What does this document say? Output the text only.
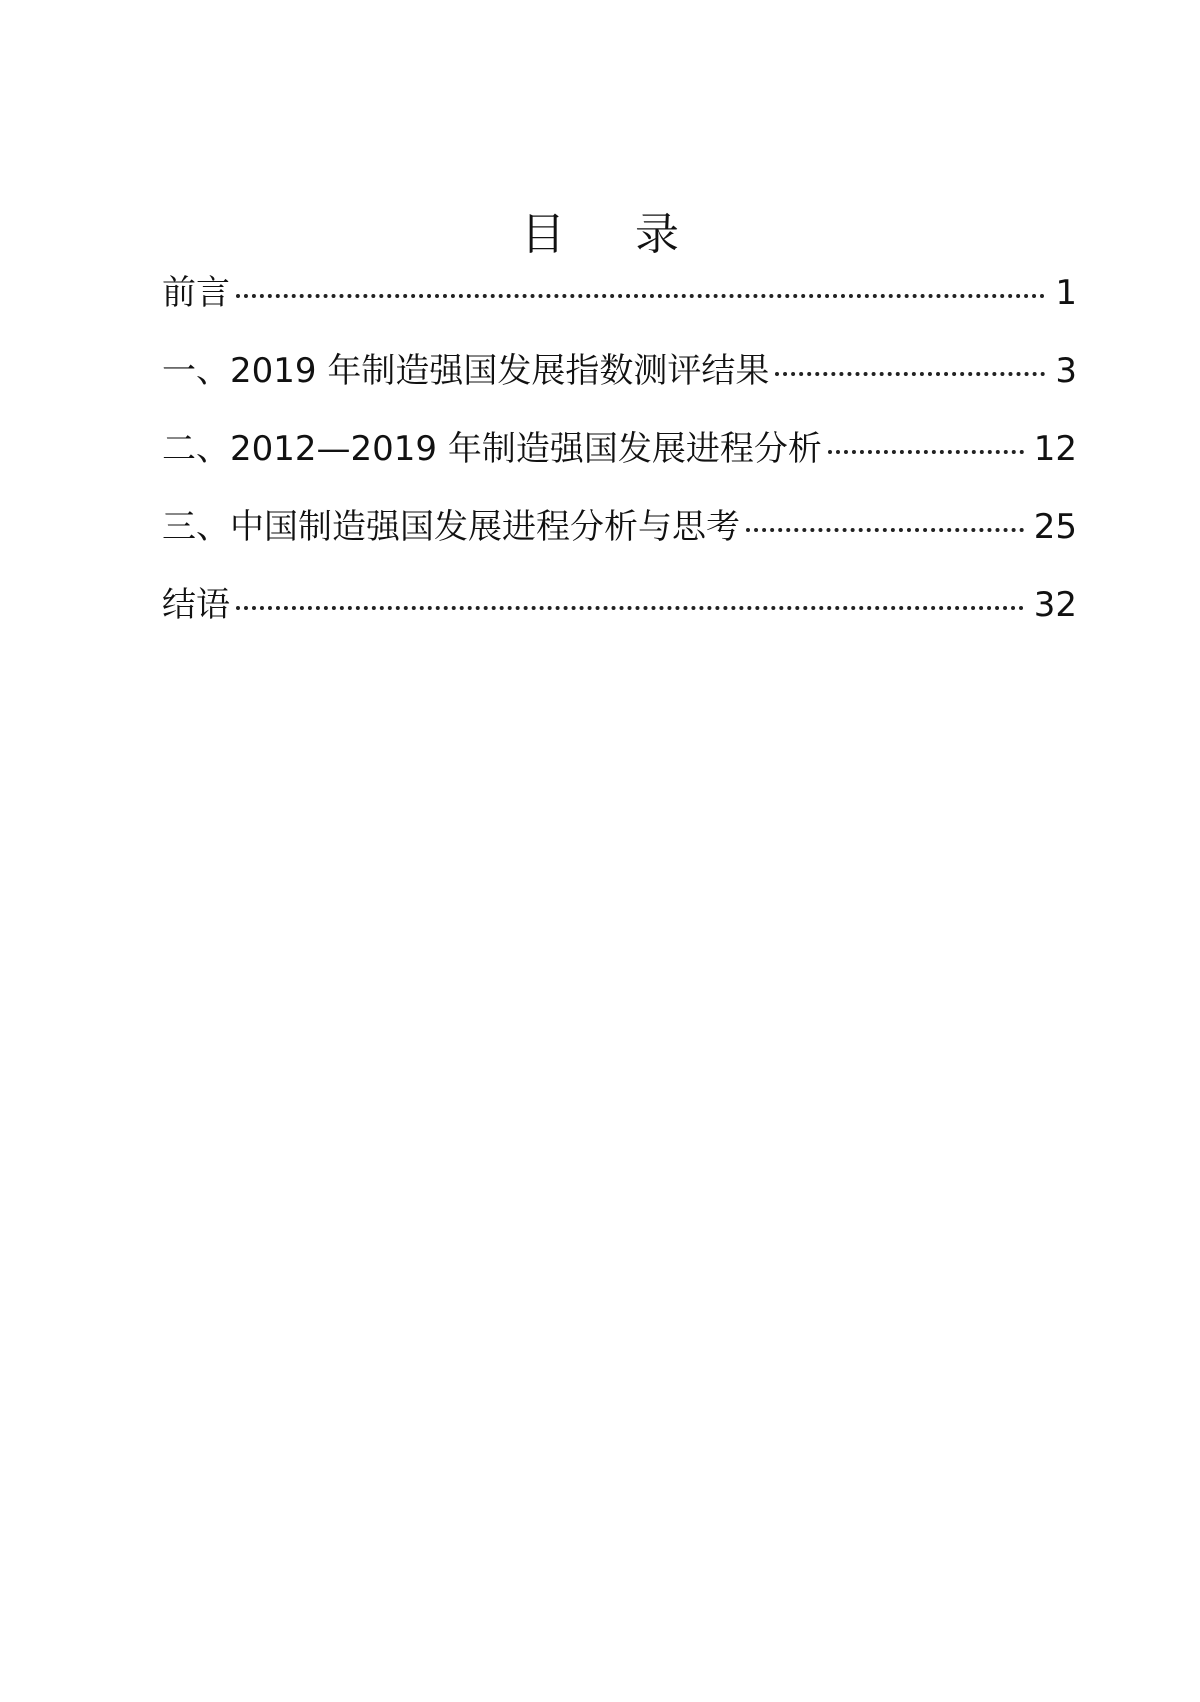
目 录
前言	1
一、2019 年制造强国发展指数测评结果	3
二、2012—2019 年制造强国发展进程分析	12
三、中国制造强国发展进程分析与思考	25
结语	32
